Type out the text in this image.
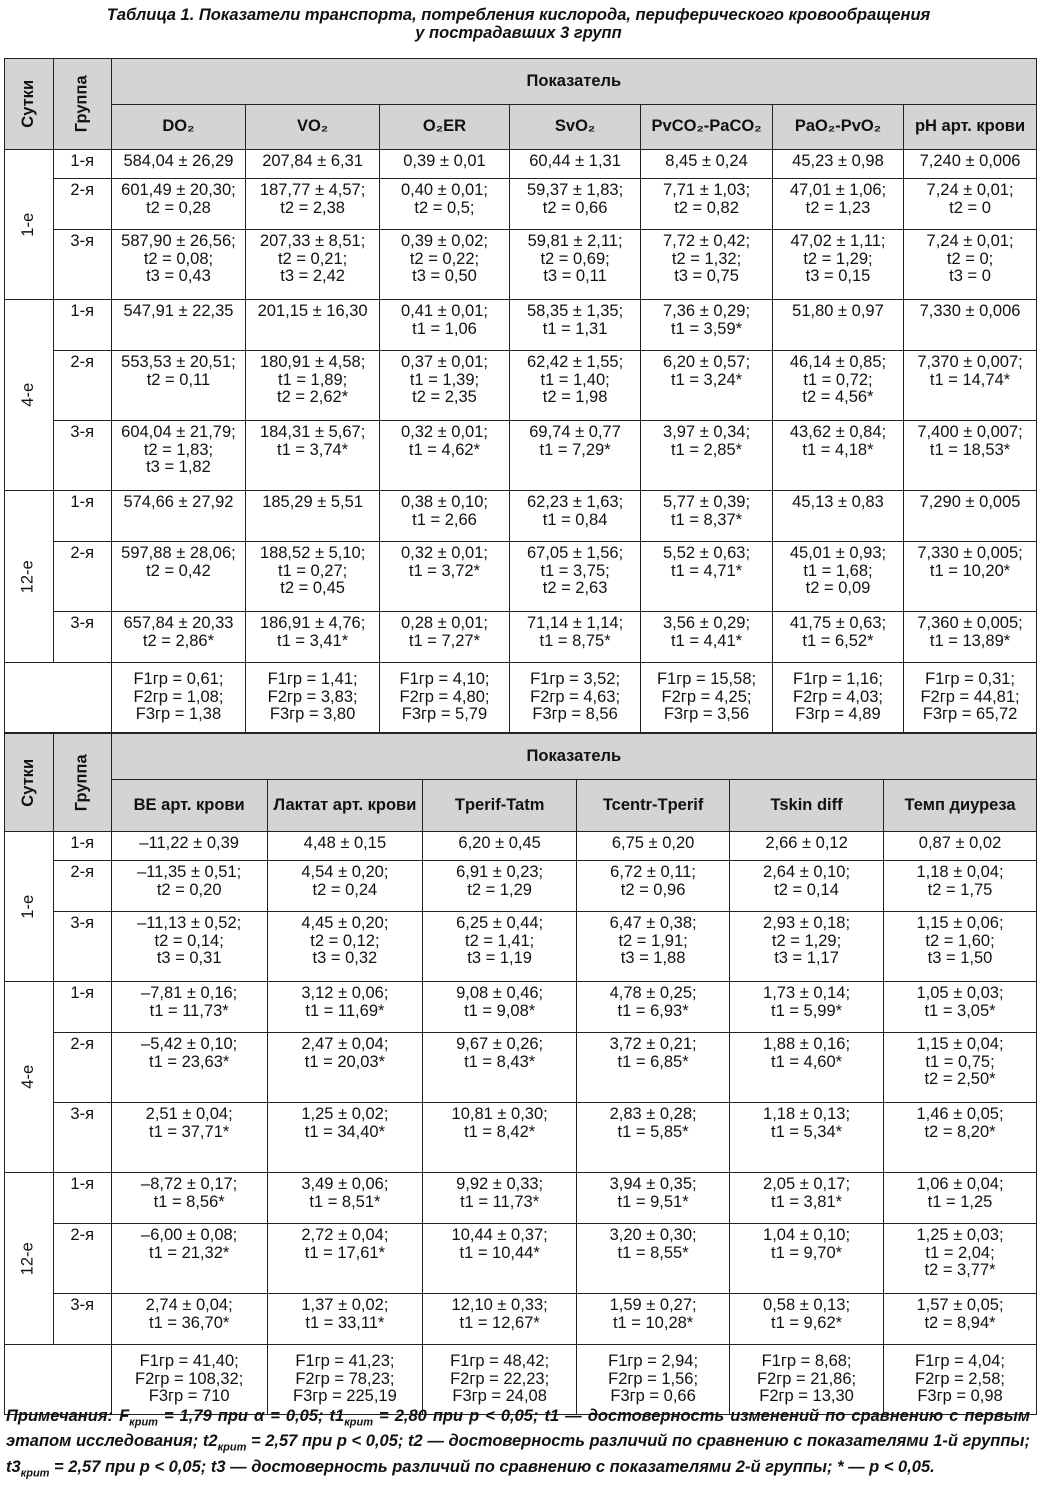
Таблица 1. Показатели транспорта, потребления кислорода, периферического кровообращения
у пострадавших 3 групп
Сутки	Группа	Показатель						
		DO₂	VO₂	O₂ER	SvO₂	PvCO₂-PaCO₂	PaO₂-PvO₂	pH арт. крови
1-е	1-я	584,04 ± 26,29	207,84 ± 6,31	0,39 ± 0,01	60,44 ± 1,31	8,45 ± 0,24	45,23 ± 0,98	7,240 ± 0,006

	2-я	601,49 ± 20,30;
t2 = 0,28	187,77 ± 4,57;
t2 = 2,38	0,40 ± 0,01;
t2 = 0,5;	59,37 ± 1,83;
t2 = 0,66	7,71 ± 1,03;
t2 = 0,82	47,01 ± 1,06;
t2 = 1,23	7,24 ± 0,01;
t2 = 0

	3-я	587,90 ± 26,56;
t2 = 0,08;
t3 = 0,43	207,33 ± 8,51;
t2 = 0,21;
t3 = 2,42	0,39 ± 0,02;
t2 = 0,22;
t3 = 0,50	59,81 ± 2,11;
t2 = 0,69;
t3 = 0,11	7,72 ± 0,42;
t2 = 1,32;
t3 = 0,75	47,02 ± 1,11;
t2 = 1,29;
t3 = 0,15	7,24 ± 0,01;
t2 = 0;
t3 = 0

4-е	1-я	547,91 ± 22,35	201,15 ± 16,30	0,41 ± 0,01;
t1 = 1,06	58,35 ± 1,35;
t1 = 1,31	7,36 ± 0,29;
t1 = 3,59*	51,80 ± 0,97	7,330 ± 0,006

	2-я	553,53 ± 20,51;
t2 = 0,11	180,91 ± 4,58;
t1 = 1,89;
t2 = 2,62*	0,37 ± 0,01;
t1 = 1,39;
t2 = 2,35	62,42 ± 1,55;
t1 = 1,40;
t2 = 1,98	6,20 ± 0,57;
t1 = 3,24*	46,14 ± 0,85;
t1 = 0,72;
t2 = 4,56*	7,370 ± 0,007;
t1 = 14,74*

	3-я	604,04 ± 21,79;
t2 = 1,83;
t3 = 1,82	184,31 ± 5,67;
t1 = 3,74*	0,32 ± 0,01;
t1 = 4,62*	69,74 ± 0,77
t1 = 7,29*	3,97 ± 0,34;
t1 = 2,85*	43,62 ± 0,84;
t1 = 4,18*	7,400 ± 0,007;
t1 = 18,53*

12-е	1-я	574,66 ± 27,92	185,29 ± 5,51	0,38 ± 0,10;
t1 = 2,66	62,23 ± 1,63;
t1 = 0,84	5,77 ± 0,39;
t1 = 8,37*	45,13 ± 0,83	7,290 ± 0,005

	2-я	597,88 ± 28,06;
t2 = 0,42	188,52 ± 5,10;
t1 = 0,27;
t2 = 0,45	0,32 ± 0,01;
t1 = 3,72*	67,05 ± 1,56;
t1 = 3,75;
t2 = 2,63	5,52 ± 0,63;
t1 = 4,71*	45,01 ± 0,93;
t1 = 1,68;
t2 = 0,09	7,330 ± 0,005;
t1 = 10,20*

	3-я	657,84 ± 20,33
t2 = 2,86*	186,91 ± 4,76;
t1 = 3,41*	0,28 ± 0,01;
t1 = 7,27*	71,14 ± 1,14;
t1 = 8,75*	3,56 ± 0,29;
t1 = 4,41*	41,75 ± 0,63;
t1 = 6,52*	7,360 ± 0,005;
t1 = 13,89*

		F1гр = 0,61;
F2гр = 1,08;
F3гр = 1,38	F1гр = 1,41;
F2гр = 3,83;
F3гр = 3,80	F1гр = 4,10;
F2гр = 4,80;
F3гр = 5,79	F1гр = 3,52;
F2гр = 4,63;
F3гр = 8,56	F1гр = 15,58;
F2гр = 4,25;
F3гр = 3,56	F1гр = 1,16;
F2гр = 4,03;
F3гр = 4,89	F1гр = 0,31;
F2гр = 44,81;
F3гр = 65,72
Сутки	Группа	Показатель					
		BE арт. крови	Лактат арт. крови	Tperif-Tatm	Tcentr-Tperif	Tskin diff	Темп диуреза
1-е	1-я	–11,22 ± 0,39	4,48 ± 0,15	6,20 ± 0,45	6,75 ± 0,20	2,66 ± 0,12	0,87 ± 0,02

	2-я	–11,35 ± 0,51;
t2 = 0,20	4,54 ± 0,20;
t2 = 0,24	6,91 ± 0,23;
t2 = 1,29	6,72 ± 0,11;
t2 = 0,96	2,64 ± 0,10;
t2 = 0,14	1,18 ± 0,04;
t2 = 1,75

	3-я	–11,13 ± 0,52;
t2 = 0,14;
t3 = 0,31	4,45 ± 0,20;
t2 = 0,12;
t3 = 0,32	6,25 ± 0,44;
t2 = 1,41;
t3 = 1,19	6,47 ± 0,38;
t2 = 1,91;
t3 = 1,88	2,93 ± 0,18;
t2 = 1,29;
t3 = 1,17	1,15 ± 0,06;
t2 = 1,60;
t3 = 1,50

4-е	1-я	–7,81 ± 0,16;
t1 = 11,73*	3,12 ± 0,06;
t1 = 11,69*	9,08 ± 0,46;
t1 = 9,08*	4,78 ± 0,25;
t1 = 6,93*	1,73 ± 0,14;
t1 = 5,99*	1,05 ± 0,03;
t1 = 3,05*

	2-я	–5,42 ± 0,10;
t1 = 23,63*	2,47 ± 0,04;
t1 = 20,03*	9,67 ± 0,26;
t1 = 8,43*	3,72 ± 0,21;
t1 = 6,85*	1,88 ± 0,16;
t1 = 4,60*	1,15 ± 0,04;
t1 = 0,75;
t2 = 2,50*

	3-я	2,51 ± 0,04;
t1 = 37,71*	1,25 ± 0,02;
t1 = 34,40*	10,81 ± 0,30;
t1 = 8,42*	2,83 ± 0,28;
t1 = 5,85*	1,18 ± 0,13;
t1 = 5,34*	1,46 ± 0,05;
t2 = 8,20*

12-е	1-я	–8,72 ± 0,17;
t1 = 8,56*	3,49 ± 0,06;
t1 = 8,51*	9,92 ± 0,33;
t1 = 11,73*	3,94 ± 0,35;
t1 = 9,51*	2,05 ± 0,17;
t1 = 3,81*	1,06 ± 0,04;
t1 = 1,25

	2-я	–6,00 ± 0,08;
t1 = 21,32*	2,72 ± 0,04;
t1 = 17,61*	10,44 ± 0,37;
t1 = 10,44*	3,20 ± 0,30;
t1 = 8,55*	1,04 ± 0,10;
t1 = 9,70*	1,25 ± 0,03;
t1 = 2,04;
t2 = 3,77*

	3-я	2,74 ± 0,04;
t1 = 36,70*	1,37 ± 0,02;
t1 = 33,11*	12,10 ± 0,33;
t1 = 12,67*	1,59 ± 0,27;
t1 = 10,28*	0,58 ± 0,13;
t1 = 9,62*	1,57 ± 0,05;
t2 = 8,94*

		F1гр = 41,40;
F2гр = 108,32;
F3гр = 710	F1гр = 41,23;
F2гр = 78,23;
F3гр = 225,19	F1гр = 48,42;
F2гр = 22,23;
F3гр = 24,08	F1гр = 2,94;
F2гр = 1,56;
F3гр = 0,66	F1гр = 8,68;
F2гр = 21,86;
F2гр = 13,30	F1гр = 4,04;
F2гр = 2,58;
F3гр = 0,98
Примечания: $F_{крит} = 1,79$ при α = 0,05; $t1_{крит} = 2,80$ при p < 0,05; t1 — достоверность изменений по сравнению с первым этапом исследования; $t2_{крит} = 2,57$ при p < 0,05; t2 — достоверность различий по сравнению с показателями 1-й группы; $t3_{крит} = 2,57$ при p < 0,05; t3 — достоверность различий по сравнению с показателями 2-й группы; * — p < 0,05.
